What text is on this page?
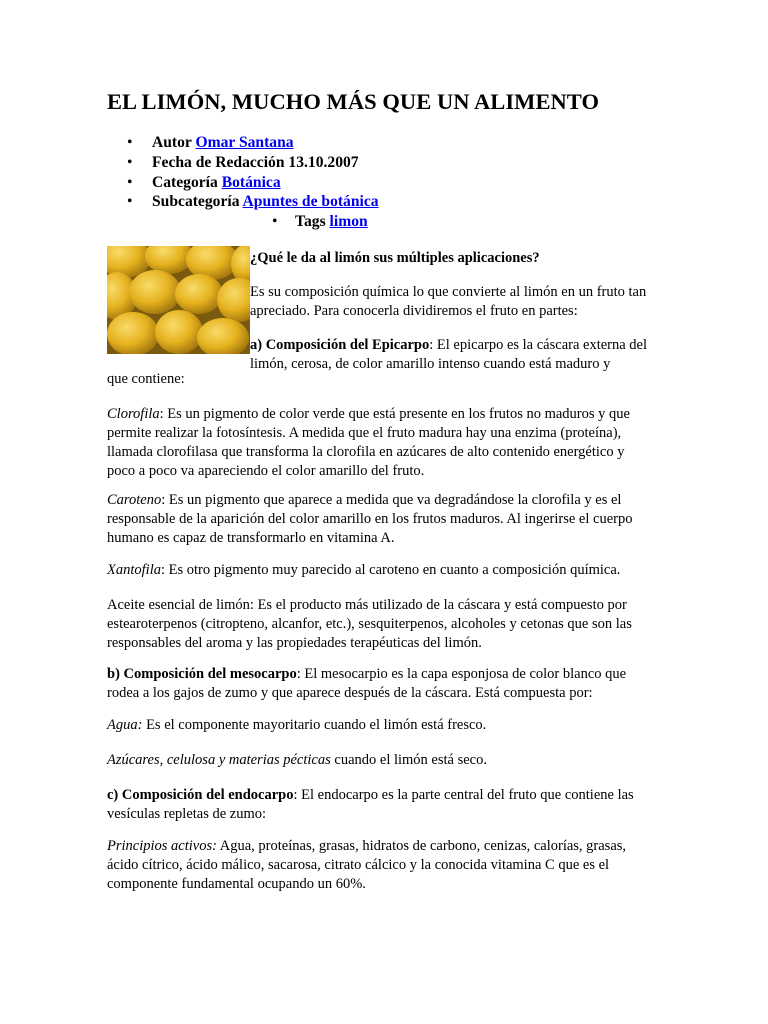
EL LIMÓN, MUCHO MÁS QUE UN ALIMENTO
• Autor Omar Santana
• Fecha de Redacción 13.10.2007
• Categoría Botánica
• Subcategoría Apuntes de botánica
• Tags limon

¿Qué le da al limón sus múltiples aplicaciones?

Es su composición química lo que convierte al limón en un fruto tan apreciado. Para conocerla dividiremos el fruto en partes:

a) Composición del Epicarpo: El epicarpo es la cáscara externa del limón, cerosa, de color amarillo intenso cuando está maduro y

que contiene:

Clorofila: Es un pigmento de color verde que está presente en los frutos no maduros y que permite realizar la fotosíntesis. A medida que el fruto madura hay una enzima (proteína), llamada clorofilasa que transforma la clorofila en azúcares de alto contenido energético y poco a poco va apareciendo el color amarillo del fruto.

Caroteno: Es un pigmento que aparece a medida que va degradándose la clorofila y es el responsable de la aparición del color amarillo en los frutos maduros. Al ingerirse el cuerpo humano es capaz de transformarlo en vitamina A.

Xantofila: Es otro pigmento muy parecido al caroteno en cuanto a composición química.

Aceite esencial de limón: Es el producto más utilizado de la cáscara y está compuesto por estearoterpenos (citropteno, alcanfor, etc.), sesquiterpenos, alcoholes y cetonas que son las responsables del aroma y las propiedades terapéuticas del limón.

b) Composición del mesocarpo: El mesocarpio es la capa esponjosa de color blanco que rodea a los gajos de zumo y que aparece después de la cáscara. Está compuesta por:

Agua: Es el componente mayoritario cuando el limón está fresco.

Azúcares, celulosa y materias pécticas cuando el limón está seco.

c) Composición del endocarpo: El endocarpo es la parte central del fruto que contiene las vesículas repletas de zumo:

Principios activos: Agua, proteínas, grasas, hidratos de carbono, cenizas, calorías, grasas, ácido cítrico, ácido málico, sacarosa, citrato cálcico y la conocida vitamina C que es el componente fundamental ocupando un 60%.
